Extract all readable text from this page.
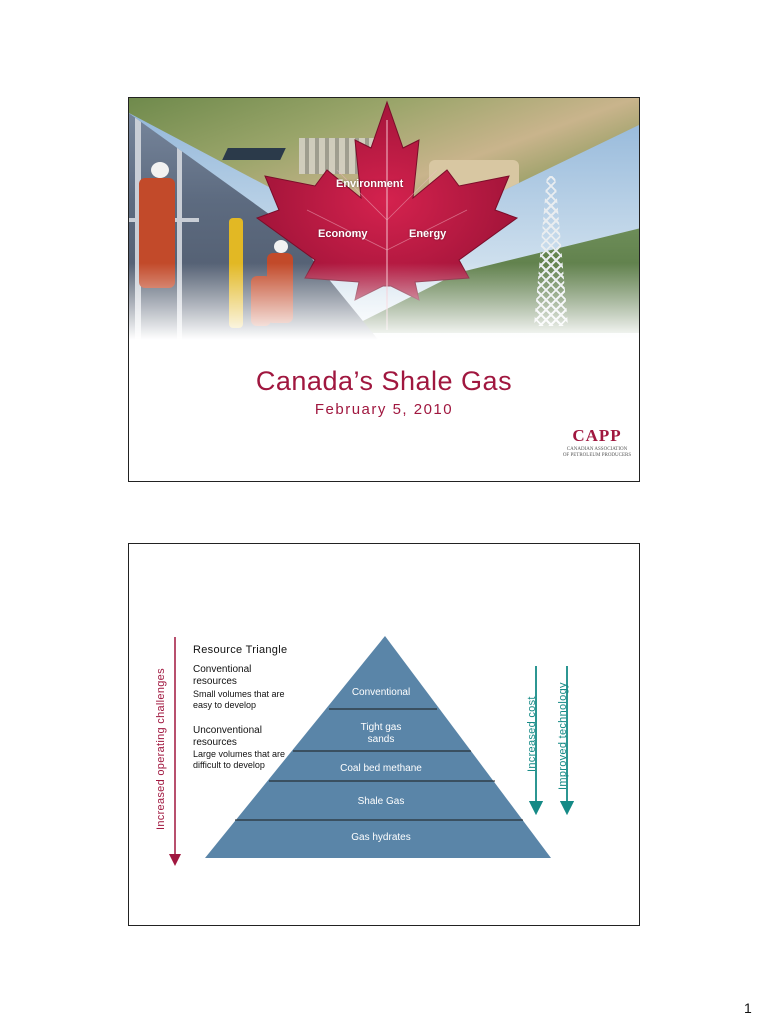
Environment
Economy	Energy
Canada’s Shale Gas
February 5, 2010
CAPP
CANADIAN ASSOCIATION
OF PETROLEUM PRODUCERS
Increased operating challenges
Resource Triangle
Conventional resources
Small volumes that are easy to develop
Unconventional resources
Large volumes that are difficult to develop
Conventional
Tight gas sands
Coal bed methane
Shale Gas
Gas hydrates
Increased cost Improved technology
1
